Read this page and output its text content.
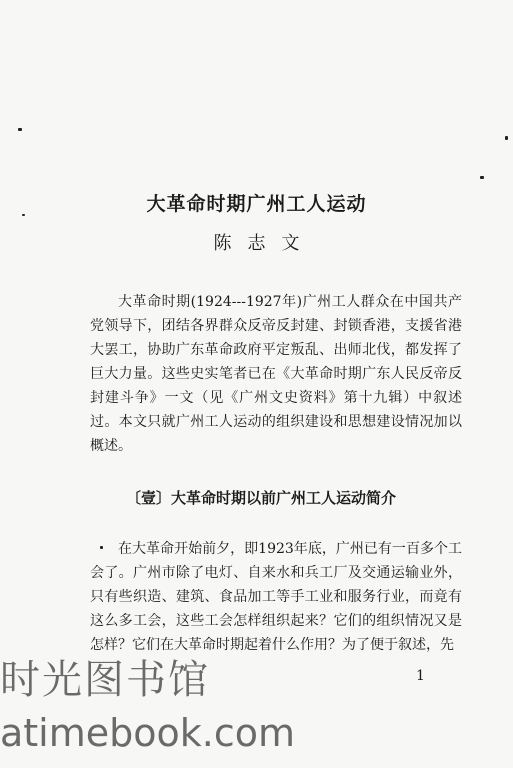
大革命时期广州工人运动
陈志文

大革命时期(1924---1927年)广州工人群众在中国共产党领导下，团结各界群众反帝反封建、封锁香港，支援省港大罢工，协助广东革命政府平定叛乱、出师北伐，都发挥了巨大力量。这些史实笔者已在《大革命时期广东人民反帝反封建斗争》一文（见《广州文史资料》第十九辑）中叙述过。本文只就广州工人运动的组织建设和思想建设情况加以概述。

〔壹〕大革命时期以前广州工人运动简介

在大革命开始前夕，即1923年底，广州已有一百多个工会了。广州市除了电灯、自来水和兵工厂及交通运输业外，只有些织造、建筑、食品加工等手工业和服务行业，而竟有这么多工会，这些工会怎样组织起来？它们的组织情况又是怎样？它们在大革命时期起着什么作用？为了便于叙述，先

1
时光图书馆
atimebook.com
